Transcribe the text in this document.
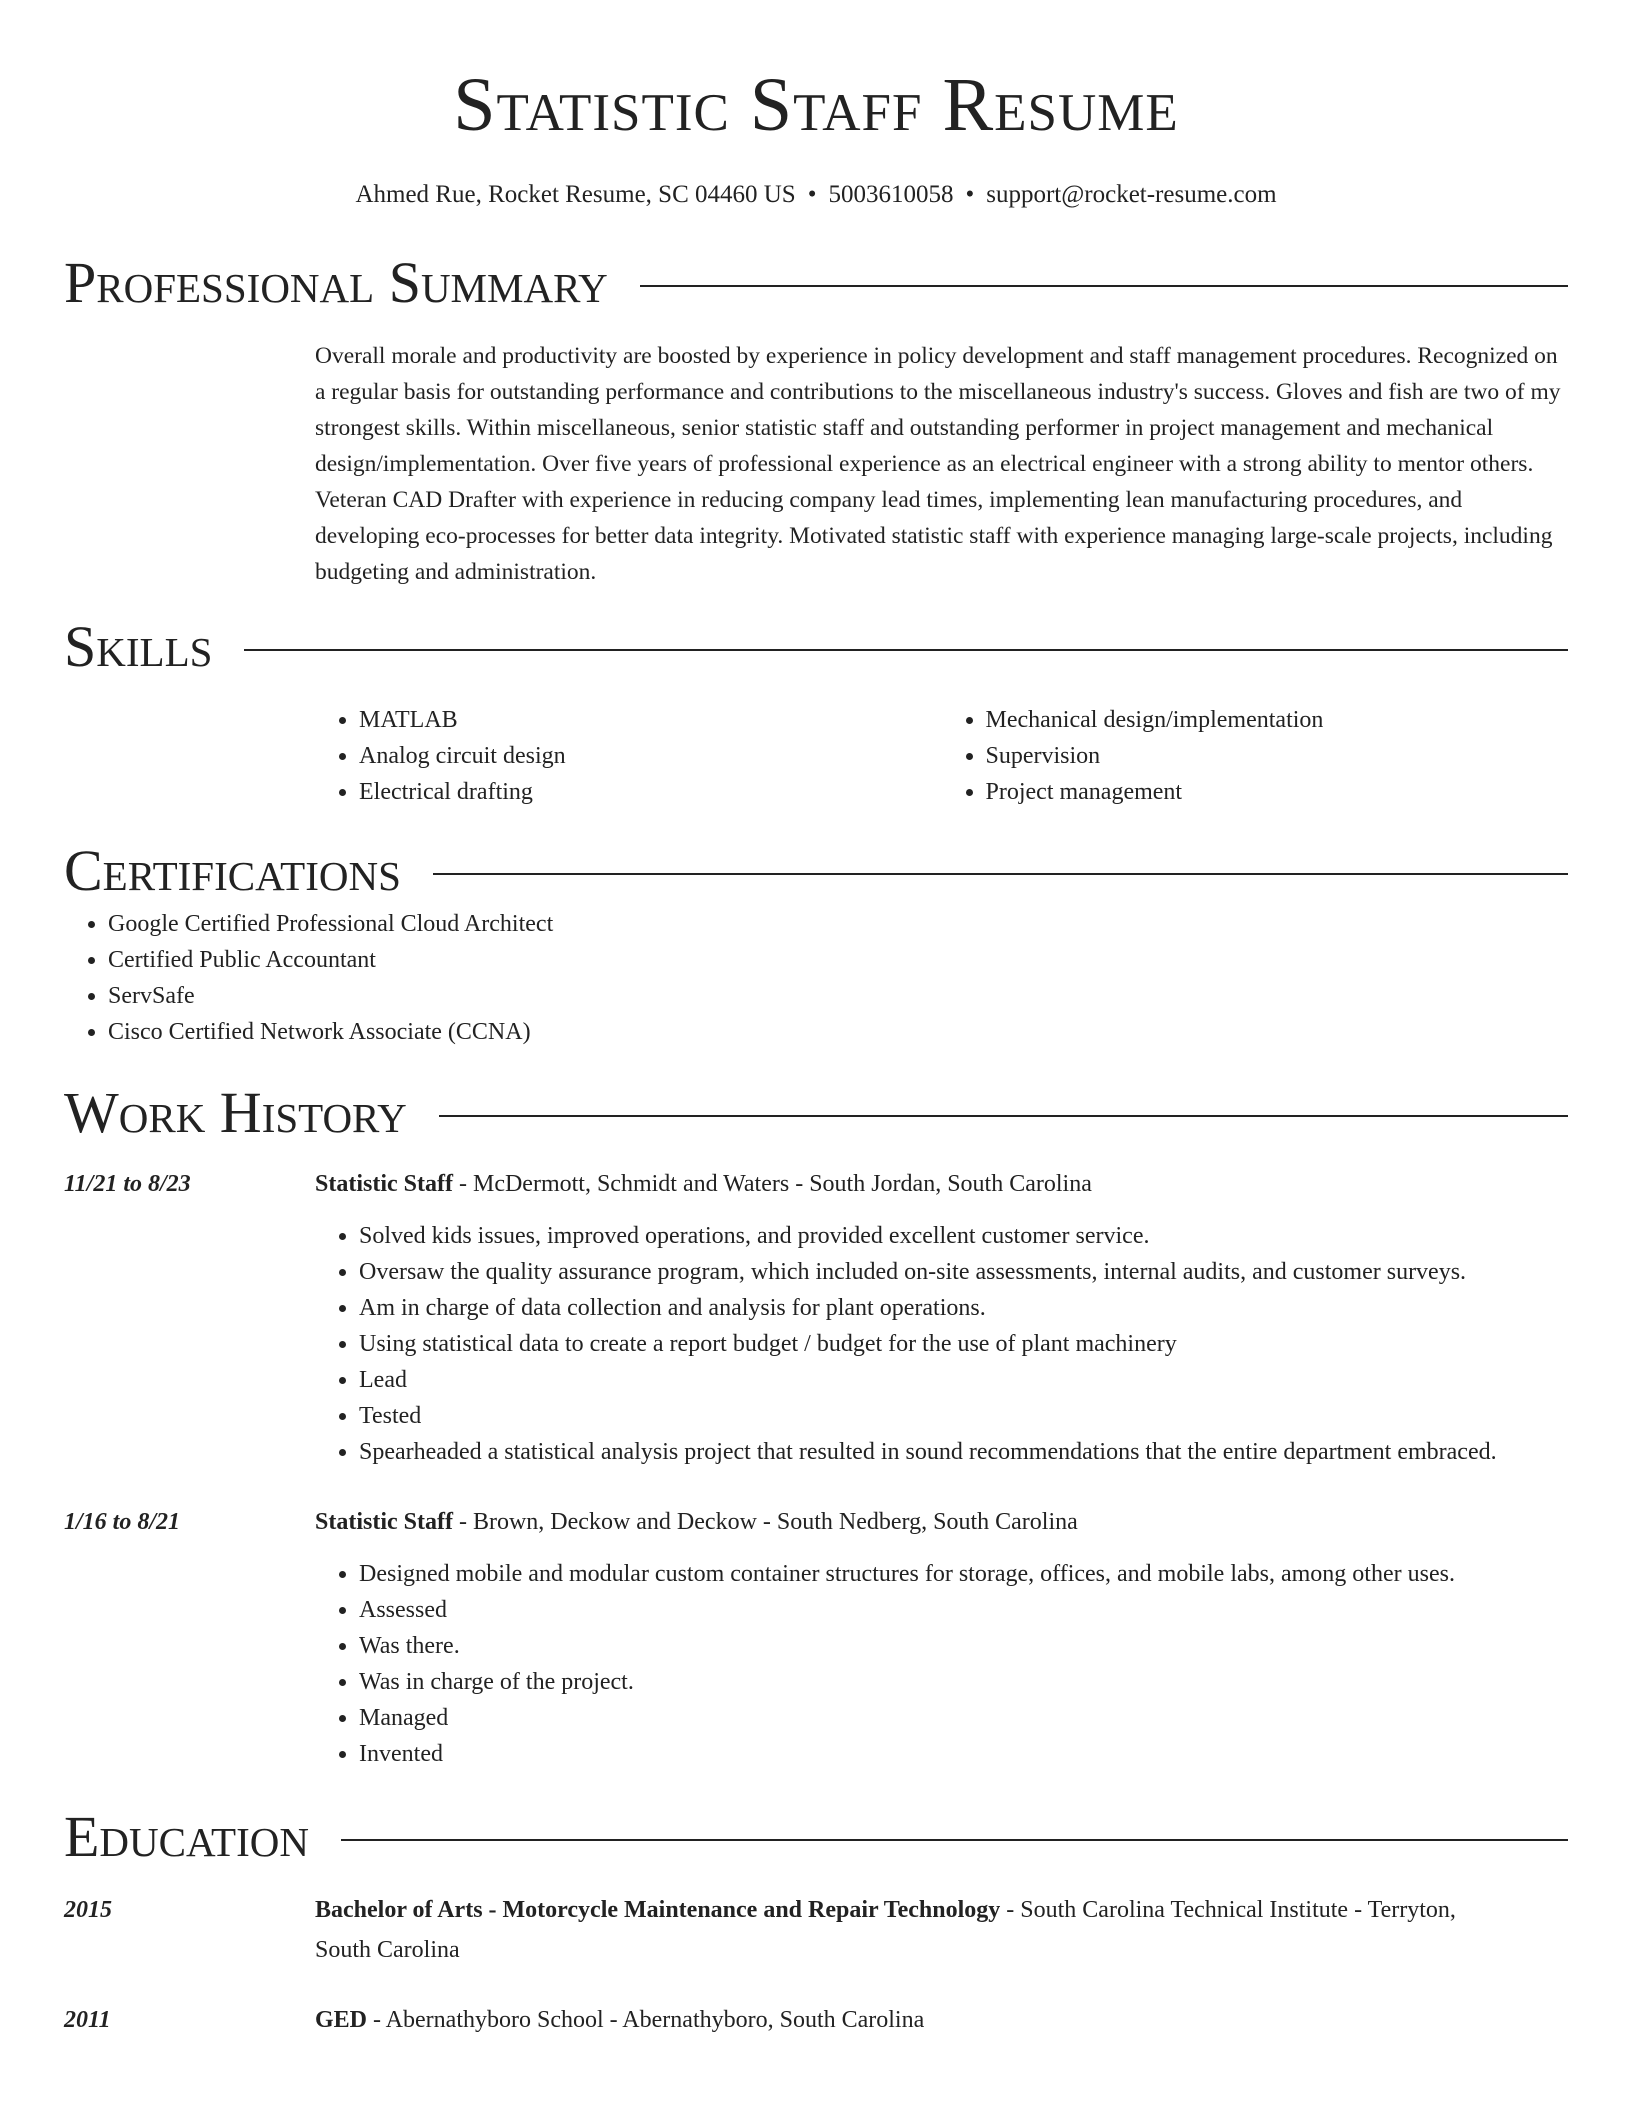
Statistic Staff Resume
Ahmed Rue, Rocket Resume, SC 04460 US • 5003610058 • support@rocket-resume.com
Professional Summary
Overall morale and productivity are boosted by experience in policy development and staff management procedures. Recognized on a regular basis for outstanding performance and contributions to the miscellaneous industry's success. Gloves and fish are two of my strongest skills. Within miscellaneous, senior statistic staff and outstanding performer in project management and mechanical design/implementation. Over five years of professional experience as an electrical engineer with a strong ability to mentor others. Veteran CAD Drafter with experience in reducing company lead times, implementing lean manufacturing procedures, and developing eco-processes for better data integrity. Motivated statistic staff with experience managing large-scale projects, including budgeting and administration.
Skills
• MATLAB
• Analog circuit design
• Electrical drafting
• Mechanical design/implementation
• Supervision
• Project management
Certifications
• Google Certified Professional Cloud Architect
• Certified Public Accountant
• ServSafe
• Cisco Certified Network Associate (CCNA)
Work History
11/21 to 8/23	Statistic Staff - McDermott, Schmidt and Waters - South Jordan, South Carolina
• Solved kids issues, improved operations, and provided excellent customer service.
• Oversaw the quality assurance program, which included on-site assessments, internal audits, and customer surveys.
• Am in charge of data collection and analysis for plant operations.
• Using statistical data to create a report budget / budget for the use of plant machinery
• Lead
• Tested
• Spearheaded a statistical analysis project that resulted in sound recommendations that the entire department embraced.
1/16 to 8/21	Statistic Staff - Brown, Deckow and Deckow - South Nedberg, South Carolina
• Designed mobile and modular custom container structures for storage, offices, and mobile labs, among other uses.
• Assessed
• Was there.
• Was in charge of the project.
• Managed
• Invented
Education
2015	Bachelor of Arts - Motorcycle Maintenance and Repair Technology - South Carolina Technical Institute - Terryton, South Carolina
2011	GED - Abernathyboro School - Abernathyboro, South Carolina
